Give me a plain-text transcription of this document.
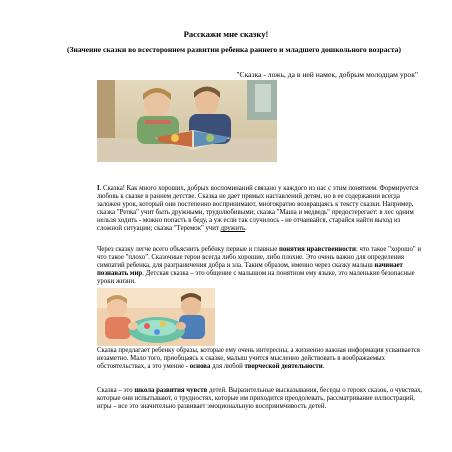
Расскажи мне сказку!
(Значение сказки во всестороннем развитии ребенка раннего и младшего дошкольного возраста)
"Сказка - ложь, да в ней намек, добрым молодцам урок"

I. Сказка! Как много хороших, добрых воспоминаний связано у каждого из нас с этим понятием. Формируется любовь к сказке в раннем детстве. Сказка не дает прямых наставлений детям, но в ее содержании всегда заложен урок, который они постепенно воспринимают, многократно возвращаясь к тексту сказки. Например, сказка "Репка" учит быть дружными, трудолюбивыми; сказка "Маша и медведь" предостерегает: в лес одним нельзя ходить - можно попасть в беду, а уж если так случилось - не отчаивайся, старайся найти выход из сложной ситуации; сказка "Теремок" учит дружить.

Через сказку легче всего объяснить ребёнку первые и главные понятия нравственности: что такое "хорошо" и что такое "плохо". Сказочные герои всегда либо хорошие, либо плохие. Это очень важно для определения симпатий ребенка, для разграничения добра и зла. Таким образом, именно через сказку малыш начинает познавать мир. Детская сказка – это общение с малышом на понятном ему языке, это маленькие безопасные уроки жизни.

Сказка предлагает ребенку образы, которые ему очень интересны, а жизненно важная информация усваивается незаметно. Мало того, приобщаясь к сказке, малыш учится мысленно действовать в воображаемых обстоятельствах, а это умение - основа для любой творческой деятельности.

Сказка – это школа развития чувств детей. Выразительные высказывания, беседы о героях сказок, о чувствах, которые они испытывают, о трудностях, которые им приходится преодолевать, рассматривание иллюстраций, игры – все это значительно развивает эмоциональную восприимчивость детей.
